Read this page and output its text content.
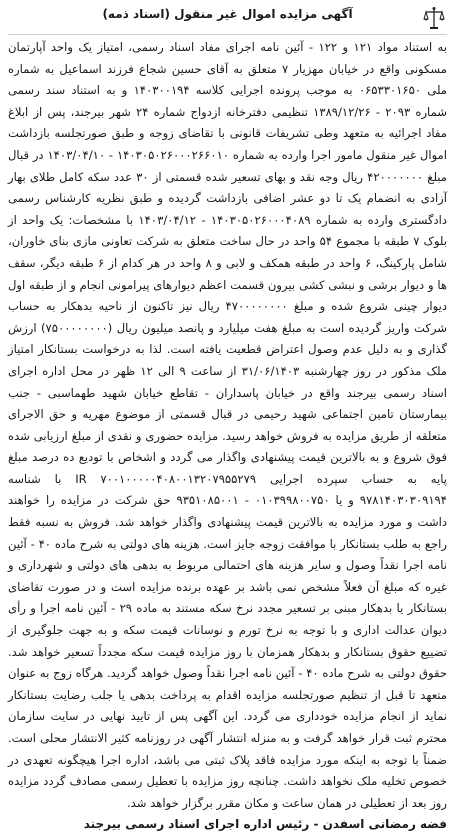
آگهی مزایده اموال غیر منقول (اسناد ذمه)

به استناد مواد ۱۲۱ و ۱۲۲ - آئین نامه اجرای مفاد اسناد رسمی، امتیاز یک واحد آپارتمان مسکونی واقع در خیابان مهزیار ۷ متعلق به آقای حسین شجاع فرزند اسماعیل به شماره ملی ۰۶۵۳۳۰۱۶۵۰ به موجب پرونده اجرایی کلاسه ۱۴۰۳۰۰۱۹۴ و به استناد سند رسمی شماره ۲۰۹۳ - ۱۳۸۹/۱۲/۲۶ تنظیمی دفترخانه ازدواج شماره ۲۴ شهر بیرجند، پس از ابلاغ مفاد اجرائیه به متعهد وطی تشریفات قانونی با تقاضای زوجه و طبق صورتجلسه بازداشت اموال غیر منقول مامور اجرا وارده به شماره ۱۴۰۳۰۵۰۲۶۰۰۰۲۶۶۰۱۰ - ۱۴۰۳/۰۴/۱۰ در قبال مبلغ ۴۲۰۰۰۰۰۰۰ ریال وجه نقد و بهای تسعیر شده قسمتی از ۳۰ عدد سکه کامل طلای بهار آزادی به انضمام یک تا دو عشر اضافی بازداشت گردیده و طبق نظریه کارشناس رسمی دادگستری وارده به شماره ۱۴۰۳۰۵۰۲۶۰۰۰۴۰۸۹ - ۱۴۰۳/۰۴/۱۲ با مشخصات: یک واحد از بلوک ۷ طبقه با مجموع ۵۴ واحد در حال ساخت متعلق به شرکت تعاونی مازی بنای خاوران، شامل پارکینگ، ۶ واحد در طبقه همکف و لابی و ۸ واحد در هر کدام از ۶ طبقه دیگر، سقف ها و دیوار برشی و نبشی کشی بیرون قسمت اعظم دیوارهای پیرامونی انجام و از طبقه اول دیوار چینی شروع شده و مبلغ ۴۷۰۰۰۰۰۰۰۰ ریال نیز تاکنون از ناحیه بدهکار به حساب شرکت واریز گردیده است به مبلغ هفت میلیارد و پانصد میلیون ریال (۷۵۰۰۰۰۰۰۰۰) ارزش گذاری و به دلیل عدم وصول اعتراض قطعیت یافته است. لذا به درخواست بستانکار امتیاز ملک مذکور در روز چهارشنبه ۳۱/۰۶/۱۴۰۳ از ساعت ۹ الی ۱۲ ظهر در محل اداره اجرای اسناد رسمی بیرجند واقع در خیابان پاسداران - تقاطع خیابان شهید طهماسبی - جنب بیمارستان تامین اجتماعی شهید رحیمی در قبال قسمتی از موضوع مهریه و حق الاجرای متعلقه از طریق مزایده به فروش خواهد رسید. مزایده حضوری و نقدی از مبلغ ارزیابی شده فوق شروع و به بالاترین قیمت پیشنهادی واگذار می گردد و اشخاص با تودیع ده درصد مبلغ پایه به حساب سپرده اجرایی IR ۷۰۰۱۰۰۰۰۰۴۰۸۰۰۱۳۲۰۷۹۵۵۲۷۹ با شناسه ۹۷۸۱۴۰۳۰۳۰۹۱۹۴ و یا ۰۱۰۳۹۹۸۰۰۷۵۰ - ۹۳۵۱۰۸۵۰۰۱ حق شرکت در مزایده را خواهند داشت و مورد مزایده به بالاترین قیمت پیشنهادی واگذار خواهد شد. فروش به نسبه فقط راجع به طلب بستانکار با موافقت زوجه جایز است. هزینه های دولتی به شرح ماده ۴۰ - آئین نامه اجرا نقداً وصول و سایر هزینه های احتمالی مربوط به بدهی های دولتی و شهرداری و غیره که مبلغ آن فعلاً مشخص نمی باشد بر عهده برنده مزایده است و در صورت تقاضای بستانکار یا بدهکار مبنی بر تسعیر مجدد نرخ سکه مستند به ماده ۲۹ - آئین نامه اجرا و رأی دیوان عدالت اداری و با توجه به نرخ تورم و نوسانات قیمت سکه و به جهت جلوگیری از تضییع حقوق بستانکار و بدهکار همزمان با روز مزایده قیمت سکه مجدداً تسعیر خواهد شد. حقوق دولتی به شرح ماده ۴۰ - آئین نامه اجرا نقداً وصول خواهد گردید. هرگاه زوج به عنوان متعهد تا قبل از تنظیم صورتجلسه مزایده اقدام به پرداخت بدهی یا جلب رضایت بستانکار نماید از انجام مزایده خودداری می گردد. این آگهی پس از تایید نهایی در سایت سازمان محترم ثبت قرار خواهد گرفت و به منزله انتشار آگهی در روزنامه کثیر الانتشار محلی است. ضمناً با توجه به اینکه مورد مزایده فاقد پلاک ثبتی می باشد، اداره اجرا هیچگونه تعهدی در خصوص تخلیه ملک نخواهد داشت. چنانچه روز مزایده با تعطیل رسمی مصادف گردد مزایده روز بعد از تعطیلی در همان ساعت و مکان مقرر برگزار خواهد شد.

فضه رمضانی اسفدن - رئیس اداره اجرای اسناد رسمی بیرجند
